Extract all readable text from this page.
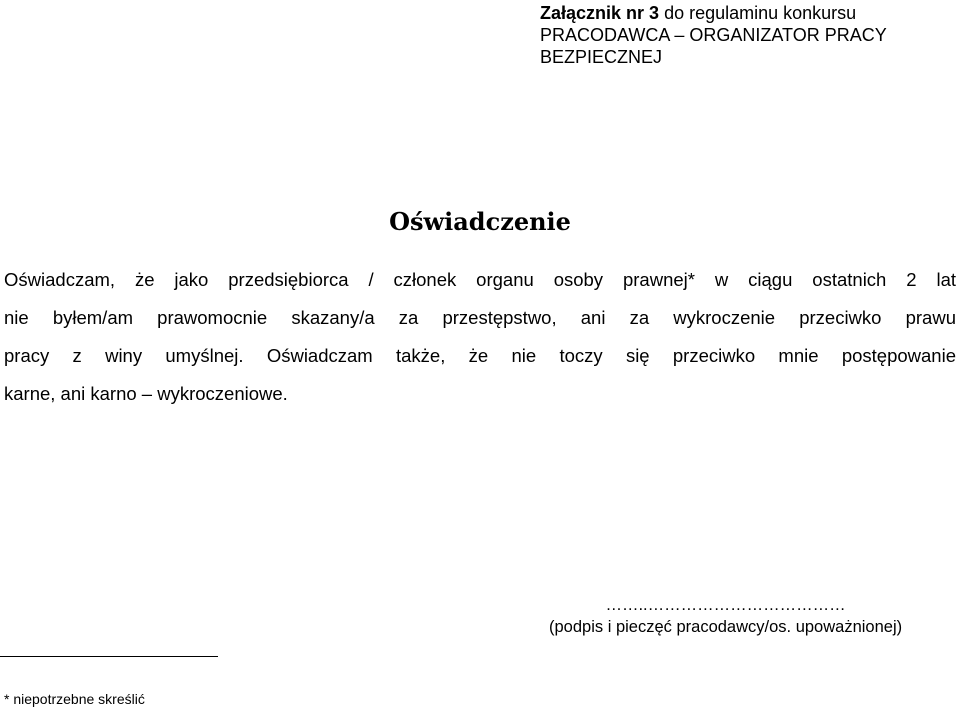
Załącznik nr 3 do regulaminu konkursu
PRACODAWCA – ORGANIZATOR PRACY
BEZPIECZNEJ
Oświadczenie
Oświadczam, że jako przedsiębiorca / członek organu osoby prawnej* w ciągu ostatnich 2 lat
nie byłem/am prawomocnie skazany/a za przestępstwo, ani za wykroczenie przeciwko prawu
pracy z winy umyślnej. Oświadczam także, że nie toczy się przeciwko mnie postępowanie
karne, ani karno – wykroczeniowe.
……..………………………………
(podpis i pieczęć pracodawcy/os. upoważnionej)
* niepotrzebne skreślić
